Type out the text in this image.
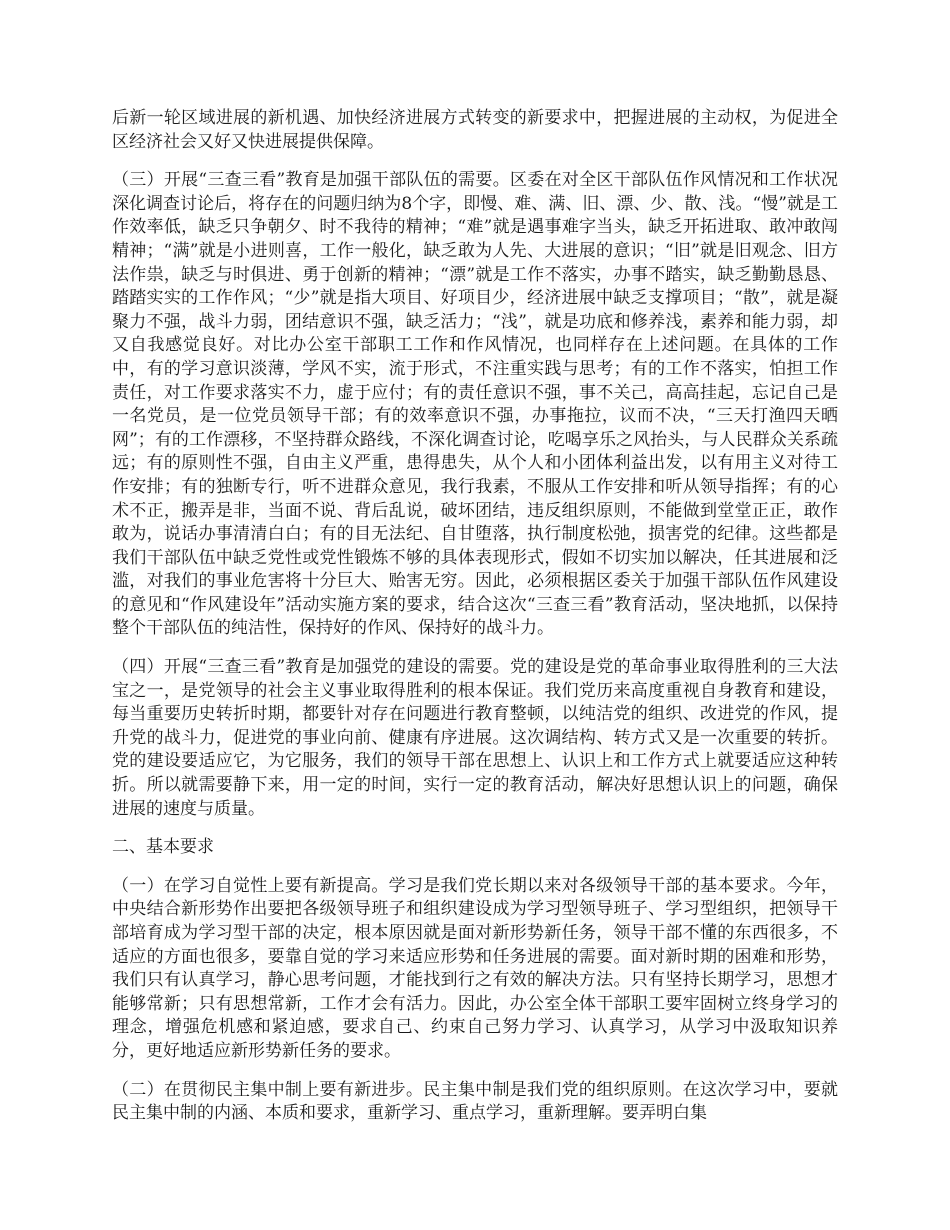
后新一轮区域进展的新机遇、加快经济进展方式转变的新要求中，把握进展的主动权，为促进全区经济社会又好又快进展提供保障。

（三）开展“三查三看”教育是加强干部队伍的需要。区委在对全区干部队伍作风情况和工作状况深化调查讨论后，将存在的问题归纳为8个字，即慢、难、满、旧、漂、少、散、浅。“慢”就是工作效率低，缺乏只争朝夕、时不我待的精神；“难”就是遇事难字当头，缺乏开拓进取、敢冲敢闯精神；“满”就是小进则喜，工作一般化，缺乏敢为人先、大进展的意识；“旧”就是旧观念、旧方法作祟，缺乏与时俱进、勇于创新的精神；“漂”就是工作不落实，办事不踏实，缺乏勤勤恳恳、踏踏实实的工作作风；“少”就是指大项目、好项目少，经济进展中缺乏支撑项目；“散”，就是凝聚力不强，战斗力弱，团结意识不强，缺乏活力；“浅”，就是功底和修养浅，素养和能力弱，却又自我感觉良好。对比办公室干部职工工作和作风情况，也同样存在上述问题。在具体的工作中，有的学习意识淡薄，学风不实，流于形式，不注重实践与思考；有的工作不落实，怕担工作责任，对工作要求落实不力，虚于应付；有的责任意识不强，事不关己，高高挂起，忘记自己是一名党员，是一位党员领导干部；有的效率意识不强，办事拖拉，议而不决，“三天打渔四天晒网”；有的工作漂移，不坚持群众路线，不深化调查讨论，吃喝享乐之风抬头，与人民群众关系疏远；有的原则性不强，自由主义严重，患得患失，从个人和小团体利益出发，以有用主义对待工作安排；有的独断专行，听不进群众意见，我行我素，不服从工作安排和听从领导指挥；有的心术不正，搬弄是非，当面不说、背后乱说，破坏团结，违反组织原则，不能做到堂堂正正，敢作敢为，说话办事清清白白；有的目无法纪、自甘堕落，执行制度松弛，损害党的纪律。这些都是我们干部队伍中缺乏党性或党性锻炼不够的具体表现形式，假如不切实加以解决，任其进展和泛滥，对我们的事业危害将十分巨大、贻害无穷。因此，必须根据区委关于加强干部队伍作风建设的意见和“作风建设年”活动实施方案的要求，结合这次“三查三看”教育活动，坚决地抓，以保持整个干部队伍的纯洁性，保持好的作风、保持好的战斗力。

（四）开展“三查三看”教育是加强党的建设的需要。党的建设是党的革命事业取得胜利的三大法宝之一，是党领导的社会主义事业取得胜利的根本保证。我们党历来高度重视自身教育和建设，每当重要历史转折时期，都要针对存在问题进行教育整顿，以纯洁党的组织、改进党的作风，提升党的战斗力，促进党的事业向前、健康有序进展。这次调结构、转方式又是一次重要的转折。党的建设要适应它，为它服务，我们的领导干部在思想上、认识上和工作方式上就要适应这种转折。所以就需要静下来，用一定的时间，实行一定的教育活动，解决好思想认识上的问题，确保进展的速度与质量。

二、基本要求

（一）在学习自觉性上要有新提高。学习是我们党长期以来对各级领导干部的基本要求。今年，中央结合新形势作出要把各级领导班子和组织建设成为学习型领导班子、学习型组织，把领导干部培育成为学习型干部的决定，根本原因就是面对新形势新任务，领导干部不懂的东西很多，不适应的方面也很多，要靠自觉的学习来适应形势和任务进展的需要。面对新时期的困难和形势，我们只有认真学习，静心思考问题，才能找到行之有效的解决方法。只有坚持长期学习，思想才能够常新；只有思想常新，工作才会有活力。因此，办公室全体干部职工要牢固树立终身学习的理念，增强危机感和紧迫感，要求自己、约束自己努力学习、认真学习，从学习中汲取知识养分，更好地适应新形势新任务的要求。

（二）在贯彻民主集中制上要有新进步。民主集中制是我们党的组织原则。在这次学习中，要就民主集中制的内涵、本质和要求，重新学习、重点学习，重新理解。要弄明白集
